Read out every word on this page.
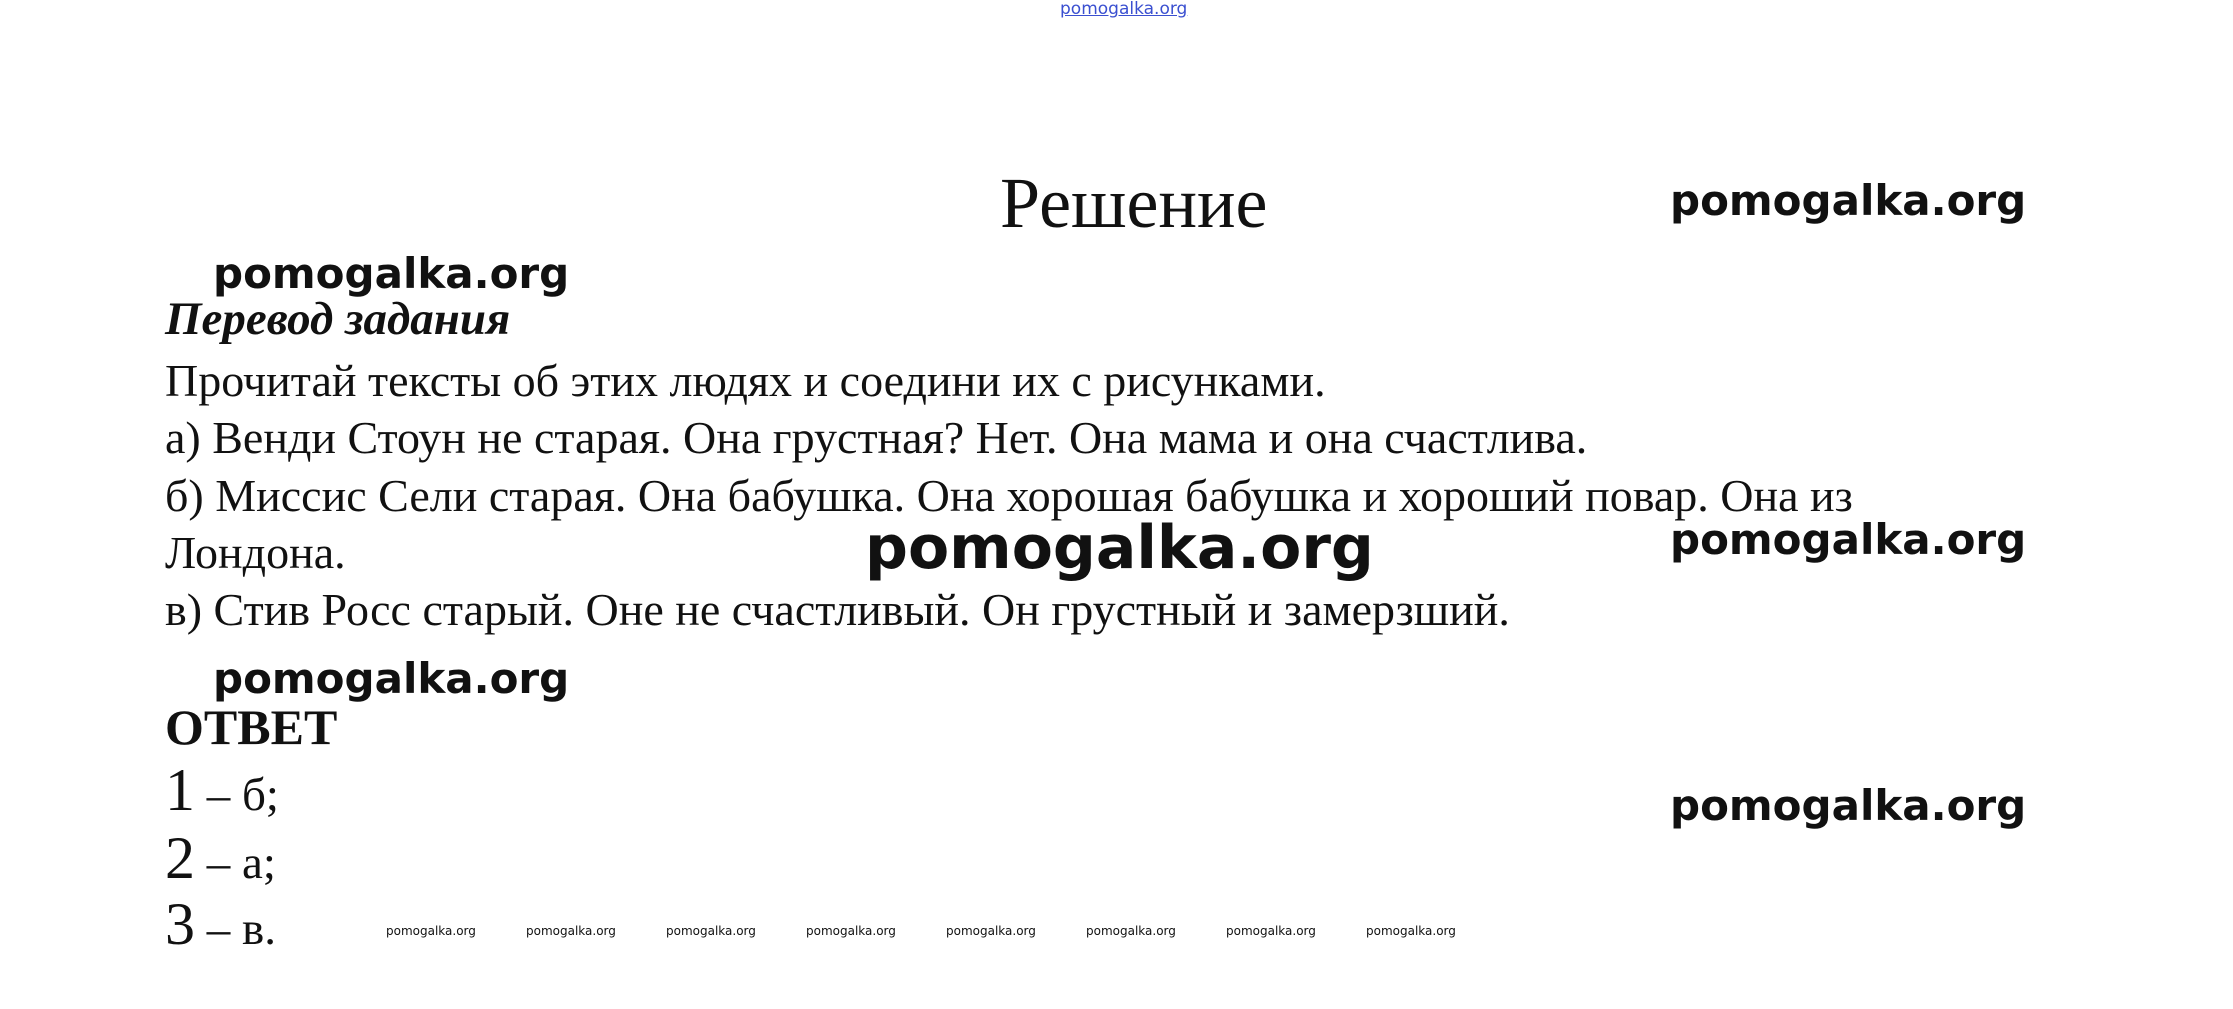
pomogalka.org
Решение	pomogalka.org
pomogalka.org
pomogalka.org
pomogalka.org
pomogalka.org
Перевод задания
Прочитай тексты об этих людях и соедини их с рисунками.
а) Венди Стоун не старая. Она грустная? Нет. Она мама и она счастлива.
б) Миссис Сели старая. Она бабушка. Она хорошая бабушка и хороший повар. Она из
Лондона.
в) Стив Росс старый. Оне не счастливый. Он грустный и замерзший.
pomogalka.org
ОТВЕТ
1 – б;
2 – а;
3 – в.	pomogalka.org	pomogalka.org	pomogalka.org	pomogalka.org	pomogalka.org	pomogalka.org	pomogalka.org	pomogalka.org
